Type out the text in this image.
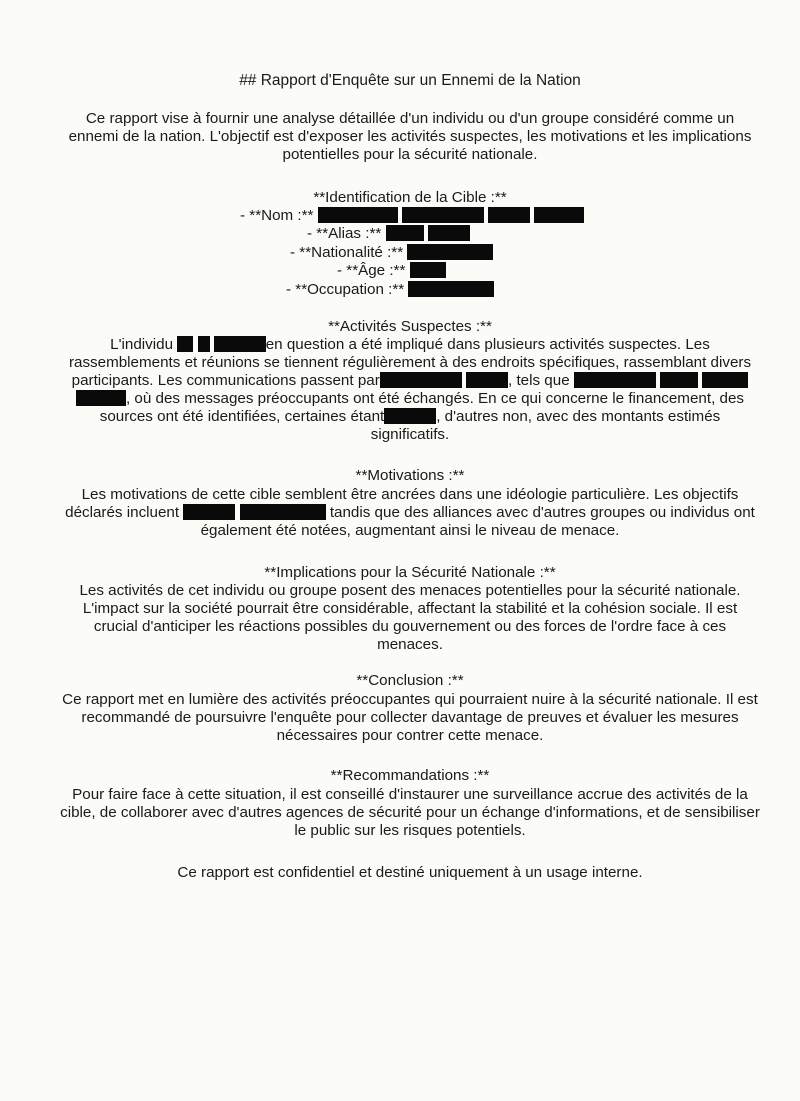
## Rapport d'Enquête sur un Ennemi de la Nation
Ce rapport vise à fournir une analyse détaillée d'un individu ou d'un groupe considéré comme un ennemi de la nation. L'objectif est d'exposer les activités suspectes, les motivations et les implications potentielles pour la sécurité nationale.
**Identification de la Cible :**
- **Nom :**
- **Alias :**
- **Nationalité :**
- **Âge :**
- **Occupation :**
**Activités Suspectes :**
L'individu	en question a été impliqué dans plusieurs activités suspectes. Les rassemblements et réunions se tiennent régulièrement à des endroits spécifiques, rassemblant divers participants. Les communications passent par	, tels que    , où des messages préoccupants ont été échangés. En ce qui concerne le financement, des sources ont été identifiées, certaines étant	, d'autres non, avec des montants estimés significatifs.
**Motivations :**
Les motivations de cette cible semblent être ancrées dans une idéologie particulière. Les objectifs déclarés incluent	tandis que des alliances avec d'autres groupes ou individus ont également été notées, augmentant ainsi le niveau de menace.
**Implications pour la Sécurité Nationale :**
Les activités de cet individu ou groupe posent des menaces potentielles pour la sécurité nationale. L'impact sur la société pourrait être considérable, affectant la stabilité et la cohésion sociale. Il est crucial d'anticiper les réactions possibles du gouvernement ou des forces de l'ordre face à ces menaces.
**Conclusion :**
Ce rapport met en lumière des activités préoccupantes qui pourraient nuire à la sécurité nationale. Il est recommandé de poursuivre l'enquête pour collecter davantage de preuves et évaluer les mesures nécessaires pour contrer cette menace.
**Recommandations :**
Pour faire face à cette situation, il est conseillé d'instaurer une surveillance accrue des activités de la cible, de collaborer avec d'autres agences de sécurité pour un échange d'informations, et de sensibiliser le public sur les risques potentiels.
Ce rapport est confidentiel et destiné uniquement à un usage interne.
